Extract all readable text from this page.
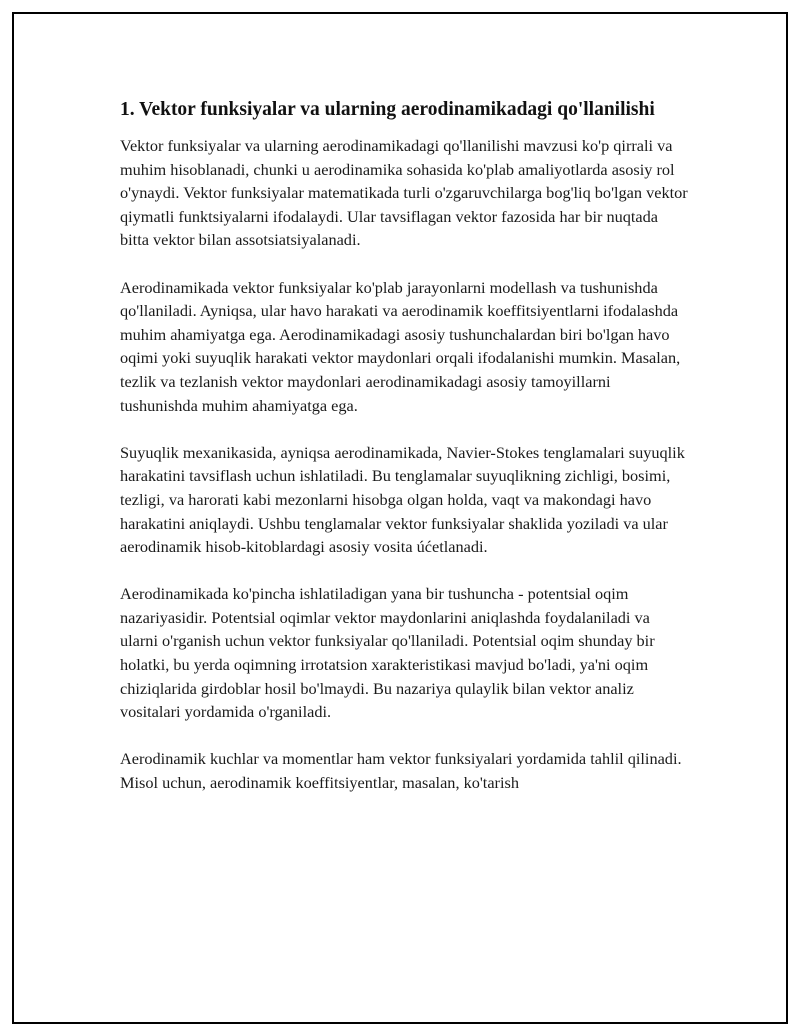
1. Vektor funksiyalar va ularning aerodinamikadagi qo'llanilishi

Vektor funksiyalar va ularning aerodinamikadagi qo'llanilishi mavzusi ko'p qirrali va muhim hisoblanadi, chunki u aerodinamika sohasida ko'plab amaliyotlarda asosiy rol o'ynaydi. Vektor funksiyalar matematikada turli o'zgaruvchilarga bog'liq bo'lgan vektor qiymatli funktsiyalarni ifodalaydi. Ular tavsiflagan vektor fazosida har bir nuqtada bitta vektor bilan assotsiatsiyalanadi.

Aerodinamikada vektor funksiyalar ko'plab jarayonlarni modellash va tushunishda qo'llaniladi. Ayniqsa, ular havo harakati va aerodinamik koeffitsiyentlarni ifodalashda muhim ahamiyatga ega. Aerodinamikadagi asosiy tushunchalardan biri bo'lgan havo oqimi yoki suyuqlik harakati vektor maydonlari orqali ifodalanishi mumkin. Masalan, tezlik va tezlanish vektor maydonlari aerodinamikadagi asosiy tamoyillarni tushunishda muhim ahamiyatga ega.

Suyuqlik mexanikasida, ayniqsa aerodinamikada, Navier-Stokes tenglamalari suyuqlik harakatini tavsiflash uchun ishlatiladi. Bu tenglamalar suyuqlikning zichligi, bosimi, tezligi, va harorati kabi mezonlarni hisobga olgan holda, vaqt va makondagi havo harakatini aniqlaydi. Ushbu tenglamalar vektor funksiyalar shaklida yoziladi va ular aerodinamik hisob-kitoblardagi asosiy vosita úćetlanadi.

Aerodinamikada ko'pincha ishlatiladigan yana bir tushuncha - potentsial oqim nazariyasidir. Potentsial oqimlar vektor maydonlarini aniqlashda foydalaniladi va ularni o'rganish uchun vektor funksiyalar qo'llaniladi. Potentsial oqim shunday bir holatki, bu yerda oqimning irrotatsion xarakteristikasi mavjud bo'ladi, ya'ni oqim chiziqlarida girdoblar hosil bo'lmaydi. Bu nazariya qulaylik bilan vektor analiz vositalari yordamida o'rganiladi.

Aerodinamik kuchlar va momentlar ham vektor funksiyalari yordamida tahlil qilinadi. Misol uchun, aerodinamik koeffitsiyentlar, masalan, ko'tarish
